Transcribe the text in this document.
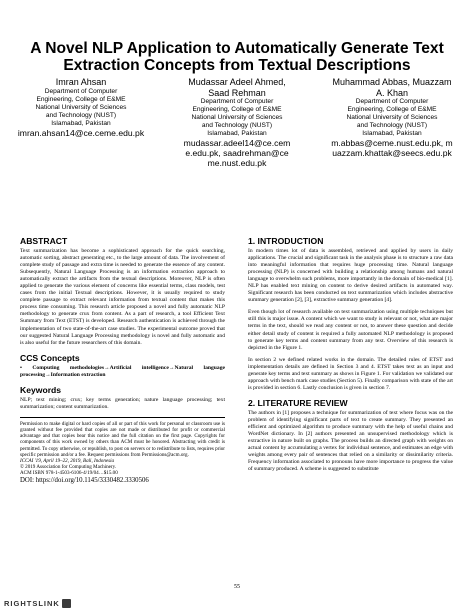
A Novel NLP Application to Automatically Generate Text Extraction Concepts from Textual Descriptions
Imran Ahsan
Department of Computer
Engineering, College of E&ME
National University of Sciences
and Technology (NUST)
Islamabad, Pakistan
imran.ahsan14@ce.ceme.edu.pk
Mudassar Adeel Ahmed, Saad Rehman
Department of Computer
Engineering, College of E&ME
National University of Sciences
and Technology (NUST)
Islamabad, Pakistan
mudassar.adeel14@ce.ceme.edu.pk, saadrehman@ceme.nust.edu.pk
Muhammad Abbas, Muazzam A. Khan
Department of Computer
Engineering, College of E&ME
National University of Sciences
and Technology (NUST)
Islamabad, Pakistan
m.abbas@ceme.nust.edu.pk, muazzam.khattak@seecs.edu.pk
ABSTRACT

Text summarization has become a sophisticated approach for the quick searching, automatic sorting, abstract generating etc., to the large amount of data. The involvement of complete study of passage and extra time is needed to generate the essence of any content. Subsequently, Natural Language Processing is an information extraction approach to automatically extract the artifacts from the textual descriptions. Moreover, NLP is often applied to generate the various element of concerns like essential terms, class models, test cases from the initial Textual descriptions. However, it is usually required to study complete passage to extract relevant information from textual content that makes this process time consuming. This research article proposed a novel and fully automatic NLP methodology to generate crux from content. As a part of research, a tool Efficient Text Summary from Text (ETST) is developed. Research authentication is achieved through the implementation of two state-of-the-art case studies. The experimental outcome proved that our suggested Natural Language Processing methodology is novel and fully automatic and is also useful for the future researchers of this domain.

CCS Concepts

• Computing methodologies→Artificial intelligence→Natural language processing→Information extraction

Keywords

NLP; text mining; crux; key terms generation; nature language processing; text summarization; content summarization.

Permission to make digital or hard copies of all or part of this work for personal or classroom use is granted without fee provided that copies are not made or distributed for profit or commercial advantage and that copies bear this notice and the full citation on the first page. Copyrights for components of this work owned by others than ACM must be honored. Abstracting with credit is permitted. To copy otherwise, or republish, to post on servers or to redistribute to lists, requires prior specific permission and/or a fee. Request permissions from Permissions@acm.org.

ICCAI '19, April 19–22, 2019, Bali, Indonesia

© 2019 Association for Computing Machinery.

ACM ISBN 978-1-4503-6106-4/19/04…$15.00

DOI: https://doi.org/10.1145/3330482.3330506

1. INTRODUCTION

In modern times lot of data is assembled, retrieved and applied by users in daily applications. The crucial and significant task in the analysis phase is to structure a raw data into meaningful information that requires huge processing time. Natural language processing (NLP) is concerned with building a relationship among humans and natural language to overwhelm such problems, more importantly in the domain of bio-medical [1]. NLP has enabled text mining on content to derive desired artifacts in automated way. Significant research has been conducted on text summarization which includes abstractive summary generation [2], [3], extractive summary generation [4].

Even though lot of research available on text summarization using multiple techniques but still this is major issue. A content which we want to study is relevant or not, what are major terms in the text, should we read any content or not, to answer these question and decide either detail study of content is required a fully automated NLP methodology is proposed to generate key terms and content summary from any text. Overview of this research is depicted in the Figure 1.

In section 2 we defined related works in the domain. The detailed rules of ETST and implementation details are defined in Section 3 and 4. ETST takes text as an input and generate key terms and text summary as shows in Figure 1. For validation we validated our approach with bench mark case studies (Section 5). Finally comparison with state of the art is provided in section 6. Lastly conclusion is given in section 7.

2. LITERATURE REVIEW

The authors in [1] proposes a technique for summarization of text where focus was on the problem of identifying significant parts of text to create summary. They presented an efficient and optimized algorithm to produce summary with the help of useful chains and WordNet dictionary. In [2] authors presented an unsupervised methodology which is extractive in nature built on graphs. The process builds an directed graph with weights on actual content by accumulating a vertex for individual sentence, and estimates an edge with weights among every pair of sentences that relied on a similarity or dissimilarity criteria. Frequency information associated to pronouns have more importance to progress the value of summary produced. A scheme is suggested to substitute

55
RIGHTSLINK
